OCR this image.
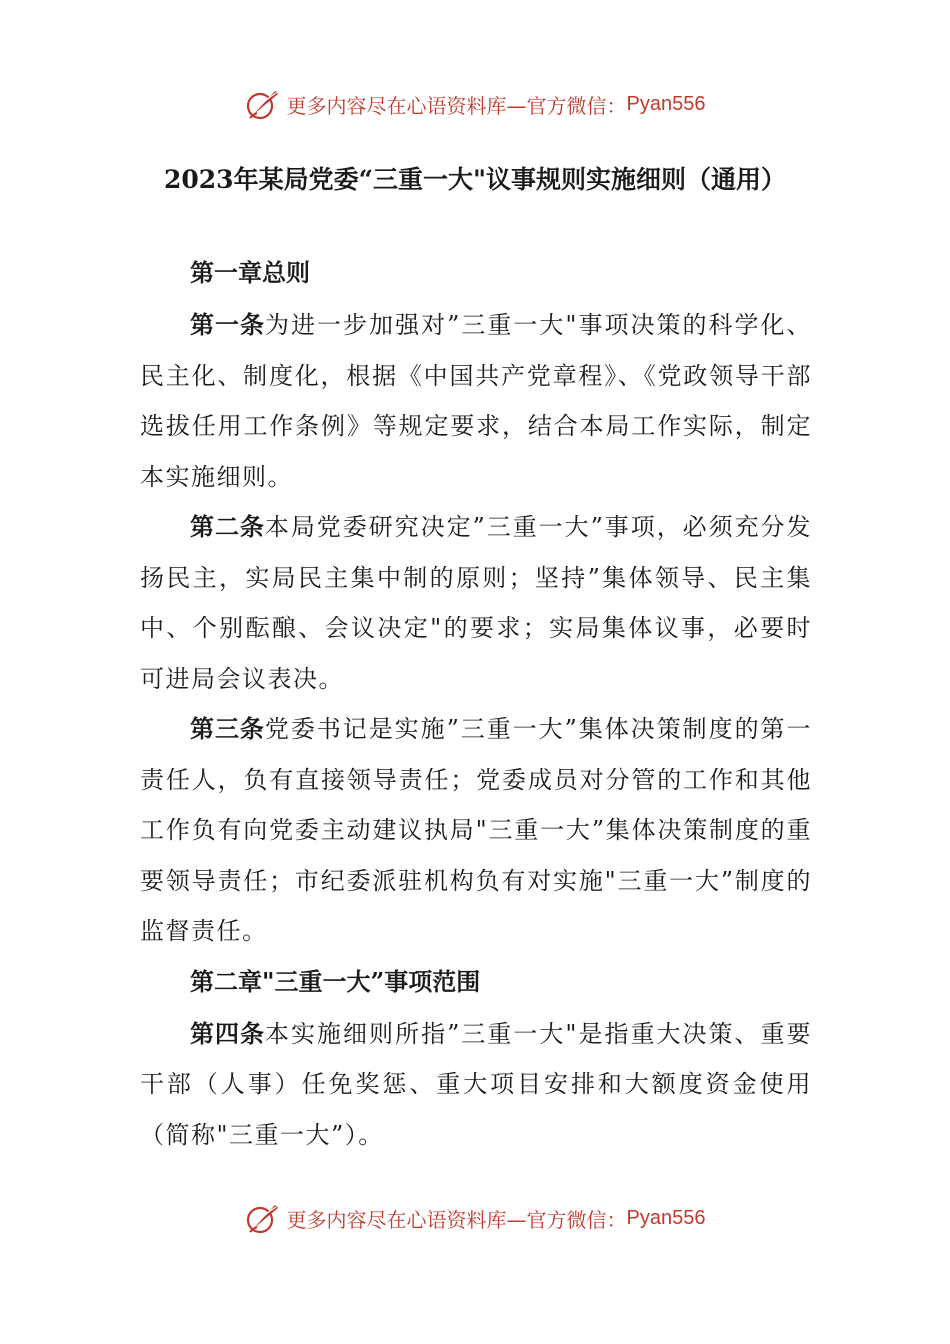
更多内容尽在心语资料库—官方微信： Pyan556
2023年某局党委“三重一大"议事规则实施细则（通用）
第一章总则

第一条为进一步加强对”三重一大"事项决策的科学化、民主化、制度化，根据《中国共产党章程》、《党政领导干部选拔任用工作条例》等规定要求，结合本局工作实际，制定本实施细则。

第二条本局党委研究决定”三重一大”事项，必须充分发扬民主，实局民主集中制的原则；坚持”集体领导、民主集中、个别酝酿、会议决定"的要求；实局集体议事，必要时可进局会议表决。

第三条党委书记是实施”三重一大”集体决策制度的第一责任人，负有直接领导责任；党委成员对分管的工作和其他工作负有向党委主动建议执局"三重一大”集体决策制度的重要领导责任；市纪委派驻机构负有对实施"三重一大”制度的监督责任。

第二章"三重一大”事项范围

第四条本实施细则所指”三重一大"是指重大决策、重要干部（人事）任免奖惩、重大项目安排和大额度资金使用（简称"三重一大”）。

更多内容尽在心语资料库—官方微信： Pyan556
